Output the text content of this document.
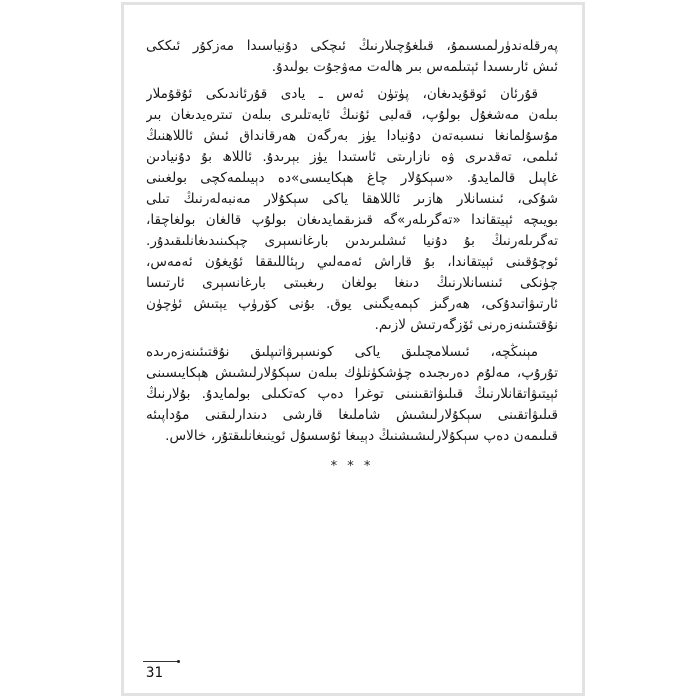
پەرقلەندۈرلمىسىمۇ، قىلغۇچىلارنىڭ ئىچكى دۇنياسىدا مەزكۇر ئىككى
ئىش ئارىسىدا ئېتىلمەس بىر ھالەت مەۋجۇت بولىدۇ.
قۇرئان ئوقۇيدىغان، پۈتۈن ئەس ـ يادى قۇرئاندىكى ئۇقۇملار
بىلەن مەشغۇل بولۇپ، قەلبى ئۇنىڭ ئايەتلىرى بىلەن تىترەيدىغان بىر
مۇسۇلمانغا نىسبەتەن دۇنيادا يۈز بەرگەن ھەرقانداق ئىش ئاللاھنىڭ
ئىلمى، تەقدىرى ۋە نازارىتى ئاستىدا يۈز بېرىدۇ. ئاللاھ بۇ دۇنيادىن
غاپىل قالمايدۇ. «سېكۇلار چاغ ھېكايىسى»دە دېيىلمەكچى بولغىنى
شۇكى، ئىنسانلار ھازىر ئاللاھقا ياكى سېكۇلار مەنبەلەرنىڭ تىلى
بويىچە ئېيتقاندا «تەگرىلەر»گە قىزىقمايدىغان بولۇپ قالغان بولغاچقا،
تەگرىلەرنىڭ بۇ دۇنيا ئىشلىرىدىن بارغانسېرى چېكىنىدىغانلىقىدۇر.
ئوچۇقىنى ئېيتقاندا، بۇ قاراش ئەمەلىي رېئاللىققا ئۇيغۇن ئەمەس،
چۈنكى ئىنسانلارنىڭ دىنغا بولغان رىغبىتى بارغانسېرى ئارتىسا
ئارتىۋاتىدۇكى، ھەرگىز كېمەيگىنى يوق. بۇنى كۆرۈپ يېتىش ئۈچۈن
نۇقتىئىنەزەرنى ئۆزگەرتىش لازىم.
مېنىڭچە، ئىسلامچىلىق ياكى كونسېرۋاتىپلىق نۇقتىئىنەزەرىدە
تۇرۇپ، مەلۇم دەرىجىدە چۈشكۈنلۈك بىلەن سېكۇلارلىشىش ھېكايىسىنى
ئېيتىۋاتقانلارنىڭ قىلىۋاتقىنىنى توغرا دەپ كەتكىلى بولمايدۇ. بۇلارنىڭ
قىلىۋاتقىنى سېكۇلارلىشىش شاملىغا قارشى دىندارلىقنى مۇداپىئە
قىلىمەن دەپ سېكۇلارلىشىشنىڭ دېيىغا ئۇسسۇل ئوينىغانلىقتۇر، خالاس.
* * *
31
